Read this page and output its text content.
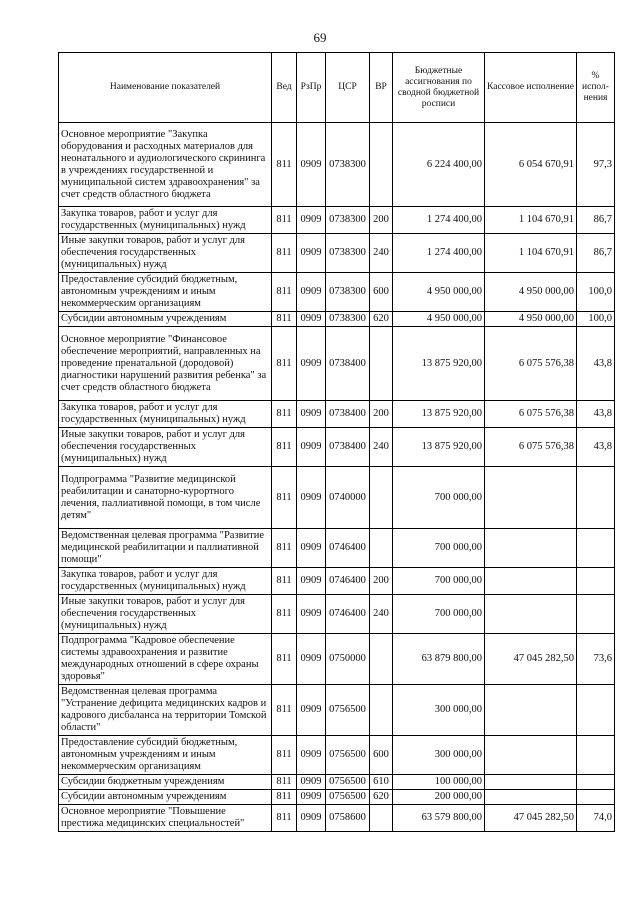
69
Наименование показателей	Вед	РзПр	ЦСР	ВР	Бюджетные ассигнования по сводной бюджетной росписи	Кассовое исполнение	% испол-нения
Основное мероприятие "Закупка оборудования и расходных материалов для неонатального и аудиологического скрининга в учреждениях государственной и муниципальной систем здравоохранения" за счет средств областного бюджета	811	0909	0738300		6 224 400,00	6 054 670,91	97,3
Закупка товаров, работ и услуг для государственных (муниципальных) нужд	811	0909	0738300	200	1 274 400,00	1 104 670,91	86,7
Иные закупки товаров, работ и услуг для обеспечения государственных (муниципальных) нужд	811	0909	0738300	240	1 274 400,00	1 104 670,91	86,7
Предоставление субсидий бюджетным, автономным учреждениям и иным некоммерческим организациям	811	0909	0738300	600	4 950 000,00	4 950 000,00	100,0
Субсидии автономным учреждениям	811	0909	0738300	620	4 950 000,00	4 950 000,00	100,0
Основное мероприятие "Финансовое обеспечение мероприятий, направленных на проведение пренатальной (дородовой) диагностики нарушений развития ребенка" за счет средств областного бюджета	811	0909	0738400		13 875 920,00	6 075 576,38	43,8
Закупка товаров, работ и услуг для государственных (муниципальных) нужд	811	0909	0738400	200	13 875 920,00	6 075 576,38	43,8
Иные закупки товаров, работ и услуг для обеспечения государственных (муниципальных) нужд	811	0909	0738400	240	13 875 920,00	6 075 576,38	43,8
Подпрограмма "Развитие медицинской реабилитации и санаторно-курортного лечения, паллиативной помощи, в том числе детям"	811	0909	0740000		700 000,00		
Ведомственная целевая программа "Развитие медицинской реабилитации и паллиативной помощи"	811	0909	0746400		700 000,00		
Закупка товаров, работ и услуг для государственных (муниципальных) нужд	811	0909	0746400	200	700 000,00		
Иные закупки товаров, работ и услуг для обеспечения государственных (муниципальных) нужд	811	0909	0746400	240	700 000,00		
Подпрограмма "Кадровое обеспечение системы здравоохранения и развитие международных отношений в сфере охраны здоровья"	811	0909	0750000		63 879 800,00	47 045 282,50	73,6
Ведомственная целевая программа "Устранение дефицита медицинских кадров и кадрового дисбаланса на территории Томской области"	811	0909	0756500		300 000,00		
Предоставление субсидий бюджетным, автономным учреждениям и иным некоммерческим организациям	811	0909	0756500	600	300 000,00		
Субсидии бюджетным учреждениям	811	0909	0756500	610	100 000,00		
Субсидии автономным учреждениям	811	0909	0756500	620	200 000,00		
Основное мероприятие "Повышение престижа медицинских специальностей"	811	0909	0758600		63 579 800,00	47 045 282,50	74,0
